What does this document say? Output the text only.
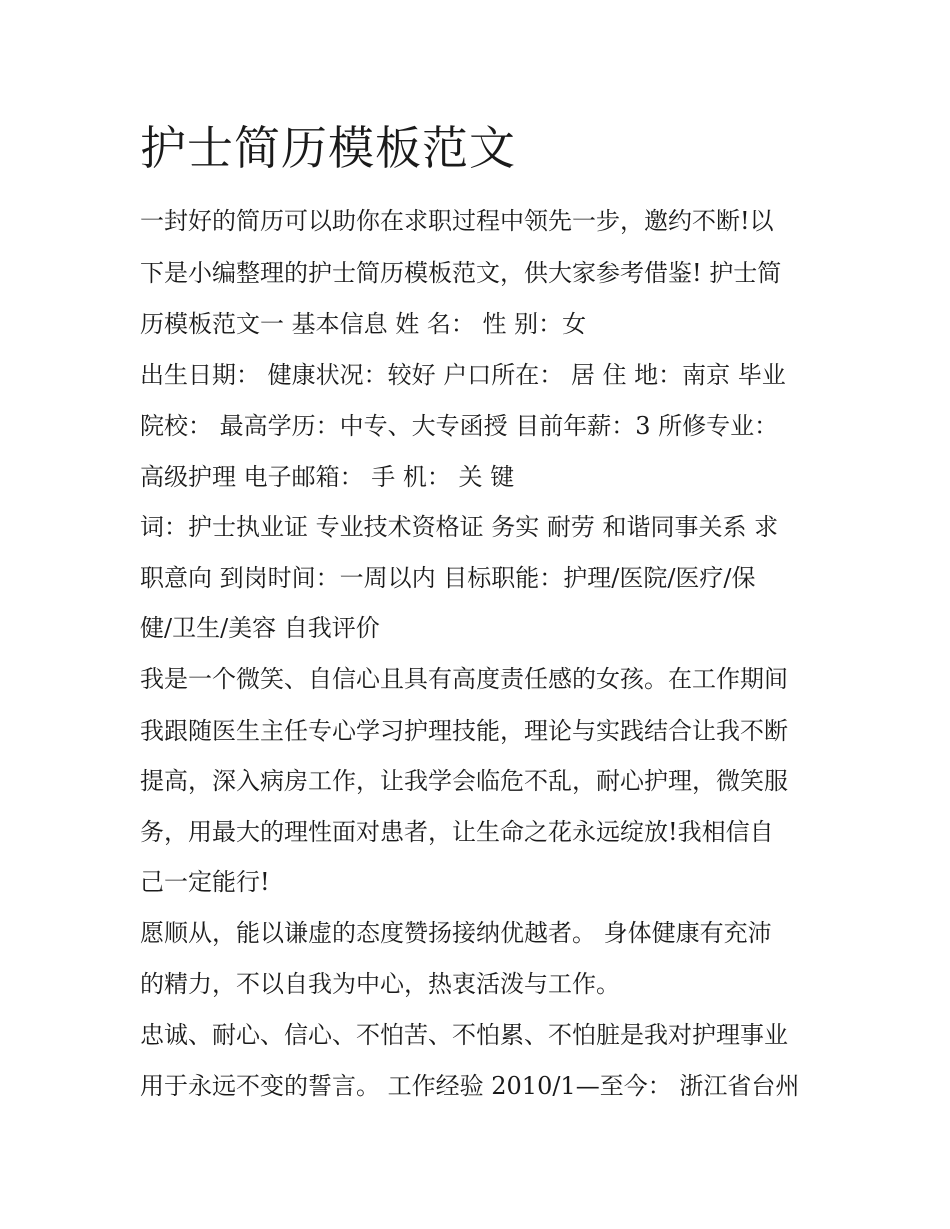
护士简历模板范文

一封好的简历可以助你在求职过程中领先一步，邀约不断!以

下是小编整理的护士简历模板范文，供大家参考借鉴! 护士简

历模板范文一 基本信息 姓 名： 性 别：女

出生日期： 健康状况：较好 户口所在： 居 住 地：南京 毕业

院校： 最高学历：中专、大专函授 目前年薪：3 所修专业：

高级护理 电子邮箱： 手 机： 关 键

词：护士执业证 专业技术资格证 务实 耐劳 和谐同事关系 求

职意向 到岗时间：一周以内 目标职能：护理/医院/医疗/保

健/卫生/美容 自我评价

我是一个微笑、自信心且具有高度责任感的女孩。在工作期间

我跟随医生主任专心学习护理技能，理论与实践结合让我不断

提高，深入病房工作，让我学会临危不乱，耐心护理，微笑服

务，用最大的理性面对患者，让生命之花永远绽放!我相信自

己一定能行!

愿顺从，能以谦虚的态度赞扬接纳优越者。 身体健康有充沛

的精力，不以自我为中心，热衷活泼与工作。

忠诚、耐心、信心、不怕苦、不怕累、不怕脏是我对护理事业

用于永远不变的誓言。 工作经验 2010/1—至今： 浙江省台州
